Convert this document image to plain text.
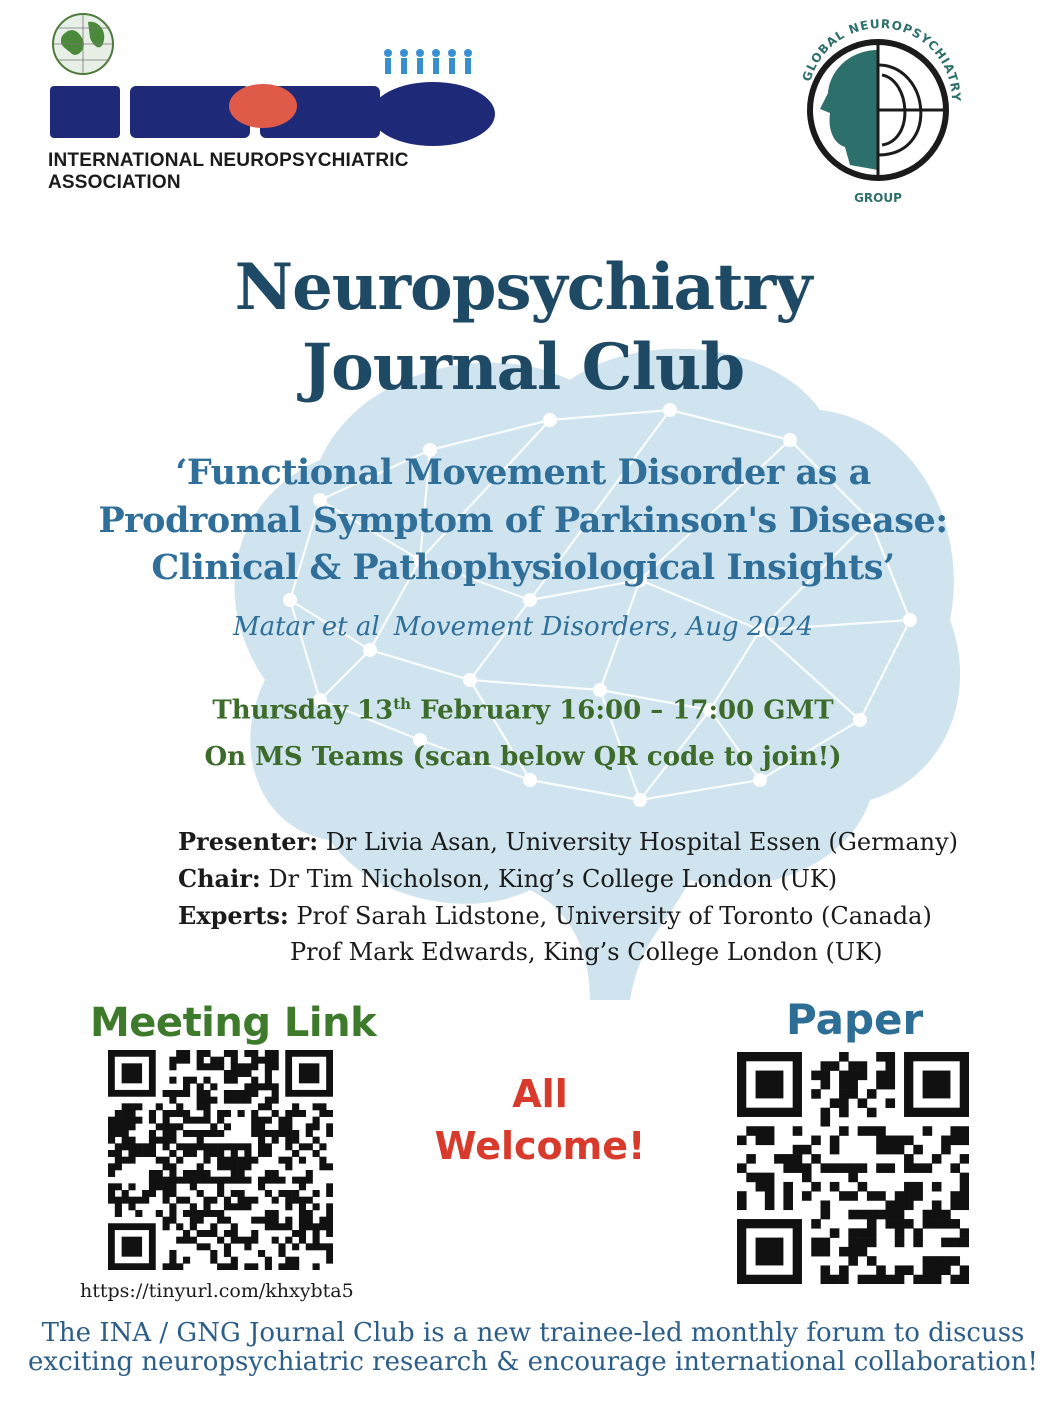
INTERNATIONAL NEUROPSYCHIATRIC ASSOCIATION
GLOBAL NEUROPSYCHIATRY
GROUP
Neuropsychiatry
Journal Club
‘Functional Movement Disorder as a
Prodromal Symptom of Parkinson's Disease:
Clinical & Pathophysiological Insights’
Matar et al Movement Disorders, Aug 2024
Thursday 13th February 16:00 – 17:00 GMT
On MS Teams (scan below QR code to join!)
Presenter: Dr Livia Asan, University Hospital Essen (Germany)
Chair: Dr Tim Nicholson, King’s College London (UK)
Experts: Prof Sarah Lidstone, University of Toronto (Canada)
Prof Mark Edwards, King’s College London (UK)
Meeting Link	Paper
https://tinyurl.com/khxybta5
All
Welcome!
The INA / GNG Journal Club is a new trainee-led monthly forum to discuss
exciting neuropsychiatric research & encourage international collaboration!
